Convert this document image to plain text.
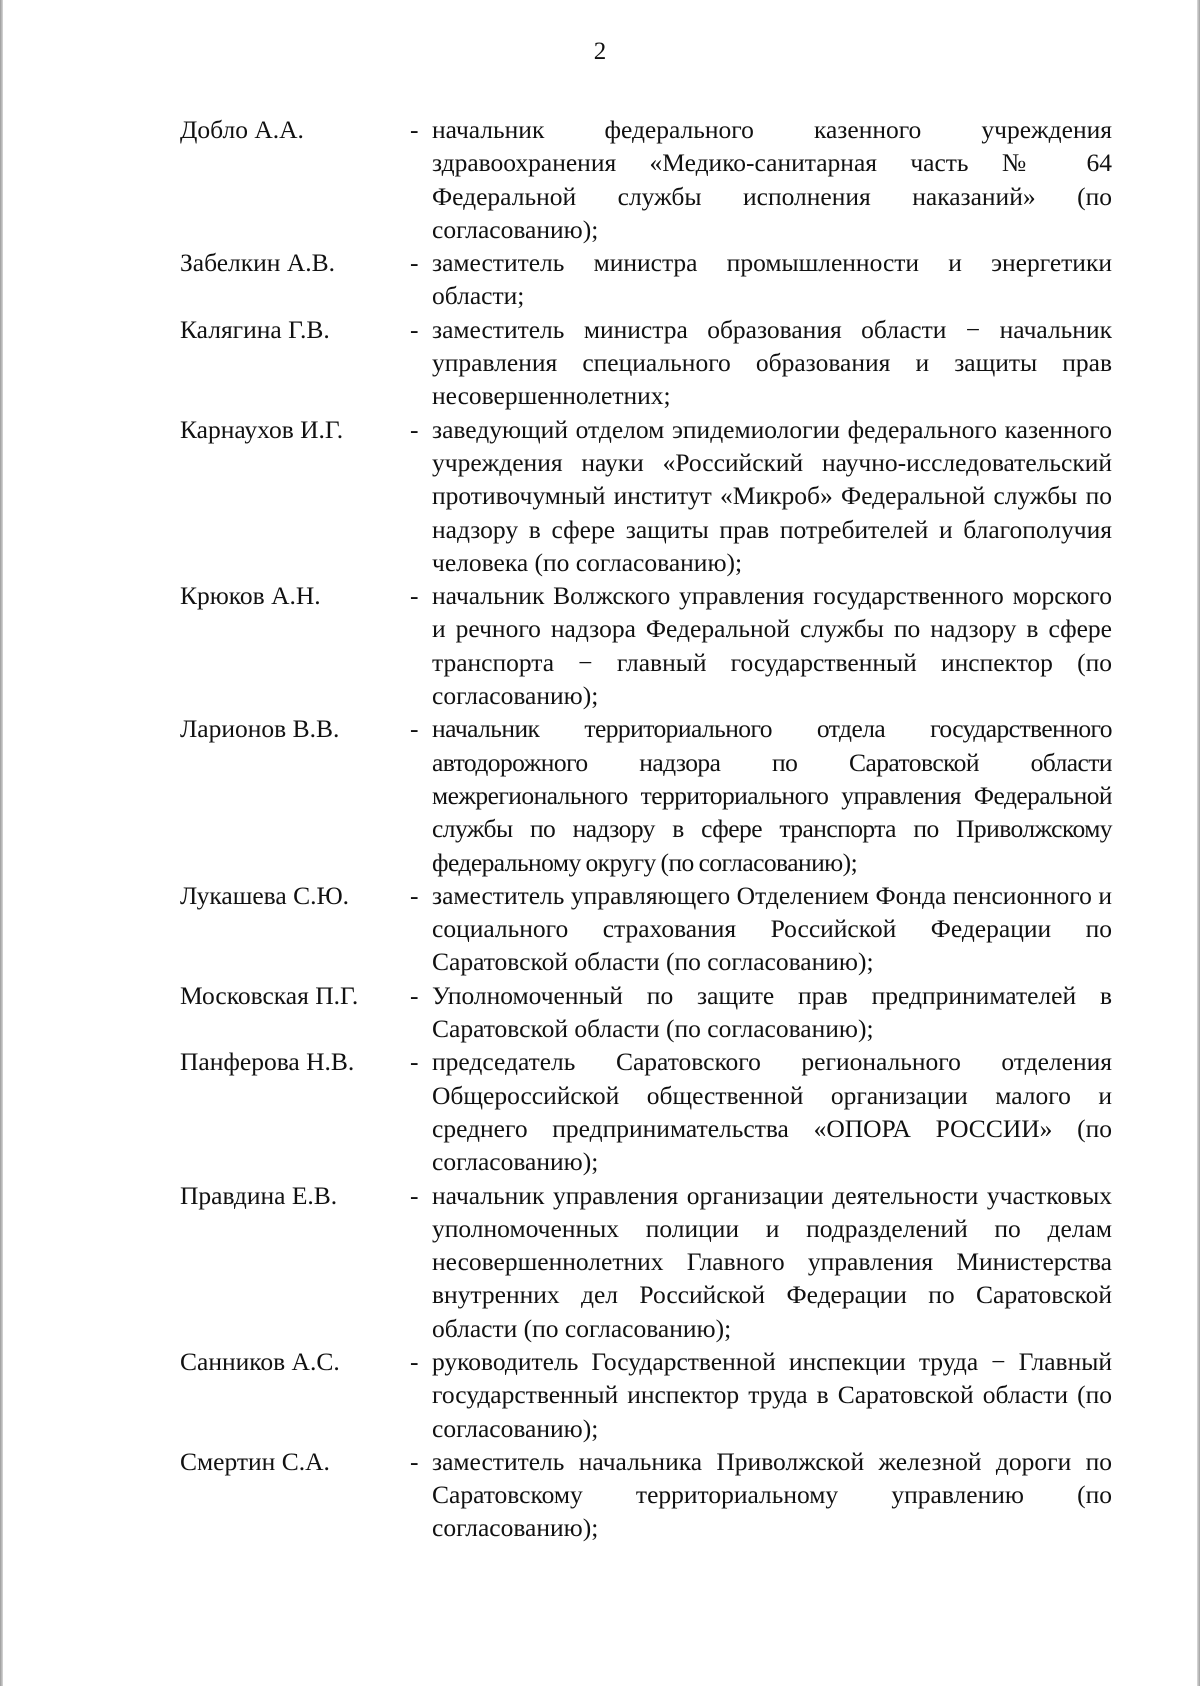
2
Добло А.А.	- начальник федерального казенного учреждения здравоохранения «Медико-санитарная часть № 64 Федеральной службы исполнения наказаний» (по согласованию);
Забелкин А.В.	- заместитель министра промышленности и энергетики области;
Калягина Г.В.	- заместитель министра образования области − начальник управления специального образования и защиты прав несовершеннолетних;
Карнаухов И.Г.	- заведующий отделом эпидемиологии федерального казенного учреждения науки «Российский научно-исследовательский противочумный институт «Микроб» Федеральной службы по надзору в сфере защиты прав потребителей и благополучия человека (по согласованию);
Крюков А.Н.	- начальник Волжского управления государственного морского и речного надзора Федеральной службы по надзору в сфере транспорта − главный государственный инспектор (по согласованию);
Ларионов В.В.	- начальник территориального отдела государственного автодорожного надзора по Саратовской области межрегионального территориального управления Федеральной службы по надзору в сфере транспорта по Приволжскому федеральному округу (по согласованию);
Лукашева С.Ю.	- заместитель управляющего Отделением Фонда пенсионного и социального страхования Российской Федерации по Саратовской области (по согласованию);
Московская П.Г.	- Уполномоченный по защите прав предпринимателей в Саратовской области (по согласованию);
Панферова Н.В.	- председатель Саратовского регионального отделения Общероссийской общественной организации малого и среднего предпринимательства «ОПОРА РОССИИ» (по согласованию);
Правдина Е.В.	- начальник управления организации деятельности участковых уполномоченных полиции и подразделений по делам несовершеннолетних Главного управления Министерства внутренних дел Российской Федерации по Саратовской области (по согласованию);
Санников А.С.	- руководитель Государственной инспекции труда − Главный государственный инспектор труда в Саратовской области (по согласованию);
Смертин С.А.	- заместитель начальника Приволжской железной дороги по Саратовскому территориальному управлению (по согласованию);
